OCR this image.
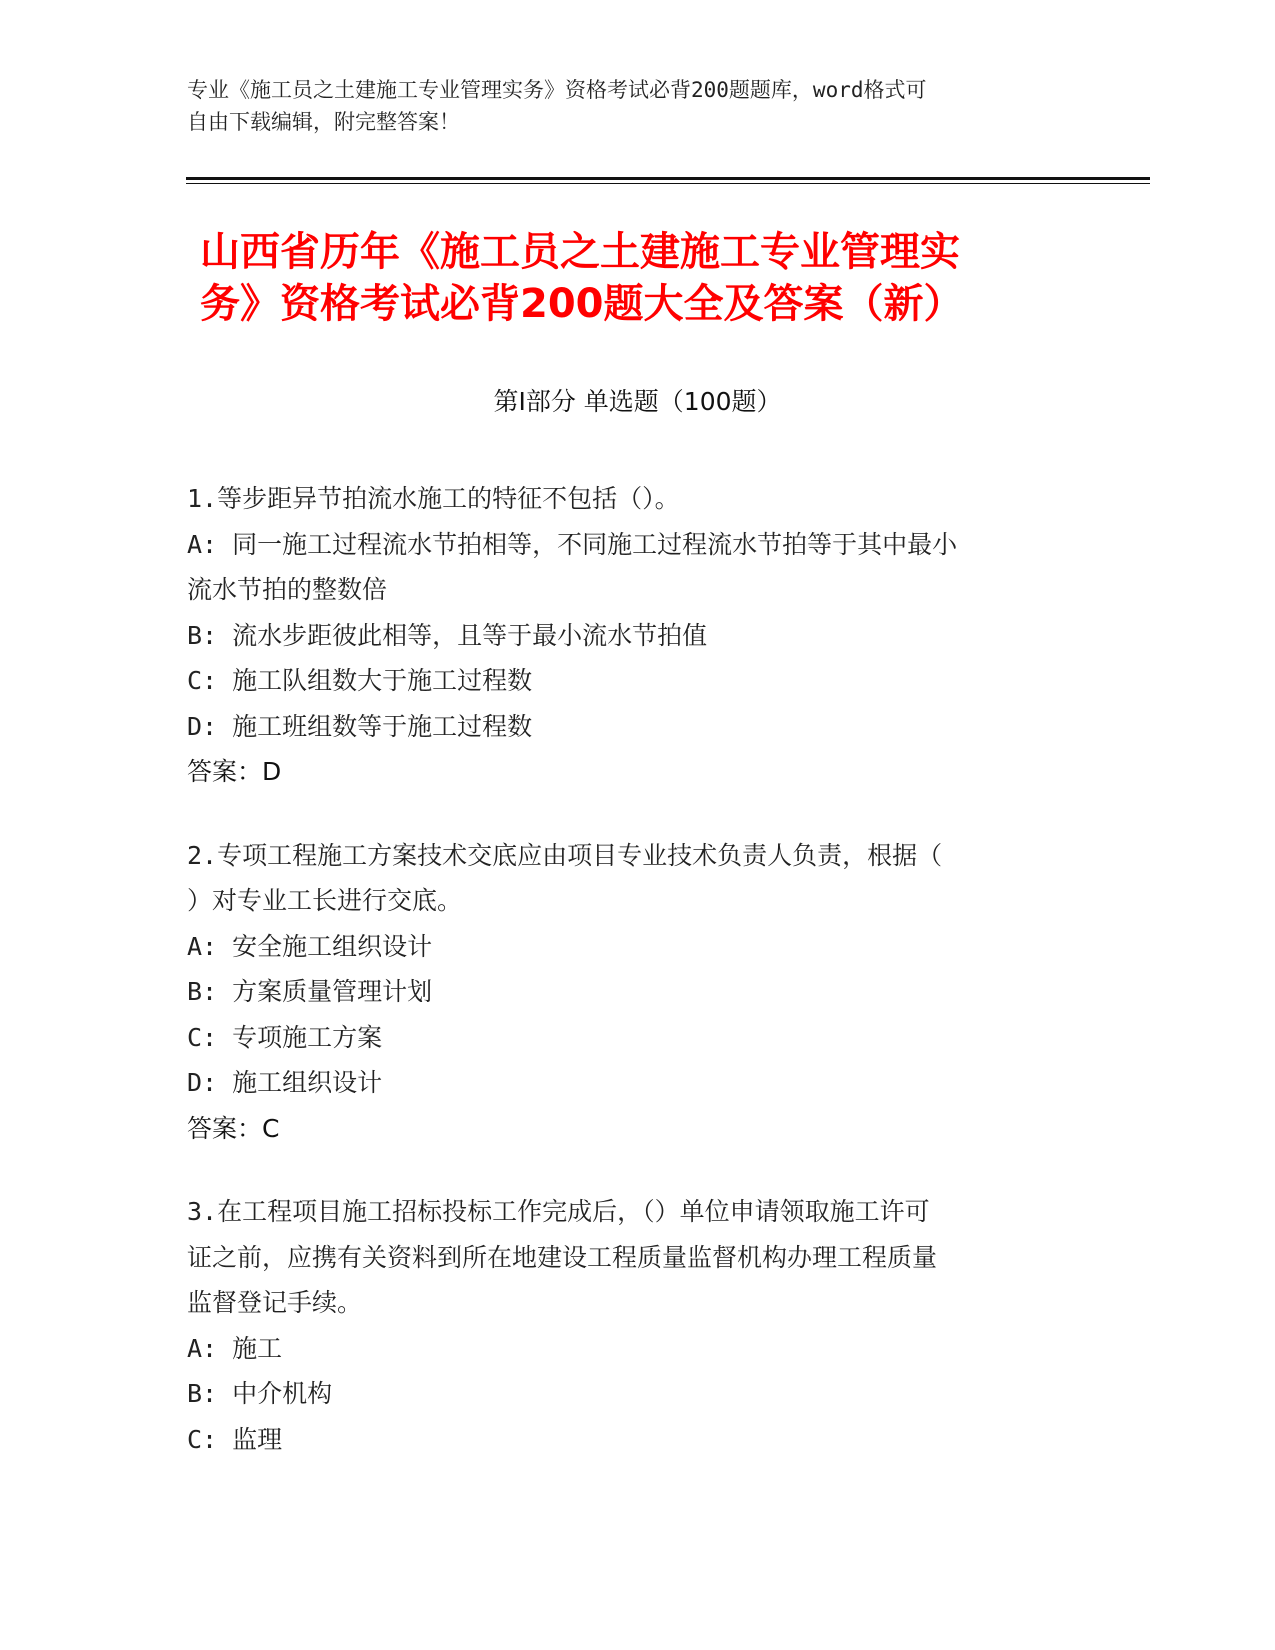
专业《施工员之土建施工专业管理实务》资格考试必背200题题库，word格式可
自由下载编辑，附完整答案！
山西省历年《施工员之土建施工专业管理实
务》资格考试必背200题大全及答案（新）
第Ⅰ部分 单选题（100题）
1.等步距异节拍流水施工的特征不包括（）。
A: 同一施工过程流水节拍相等，不同施工过程流水节拍等于其中最小
流水节拍的整数倍
B: 流水步距彼此相等，且等于最小流水节拍值
C: 施工队组数大于施工过程数
D: 施工班组数等于施工过程数
答案：D
2.专项工程施工方案技术交底应由项目专业技术负责人负责，根据（
）对专业工长进行交底。
A: 安全施工组织设计
B: 方案质量管理计划
C: 专项施工方案
D: 施工组织设计
答案：C
3.在工程项目施工招标投标工作完成后，（）单位申请领取施工许可
证之前，应携有关资料到所在地建设工程质量监督机构办理工程质量
监督登记手续。
A: 施工
B: 中介机构
C: 监理
